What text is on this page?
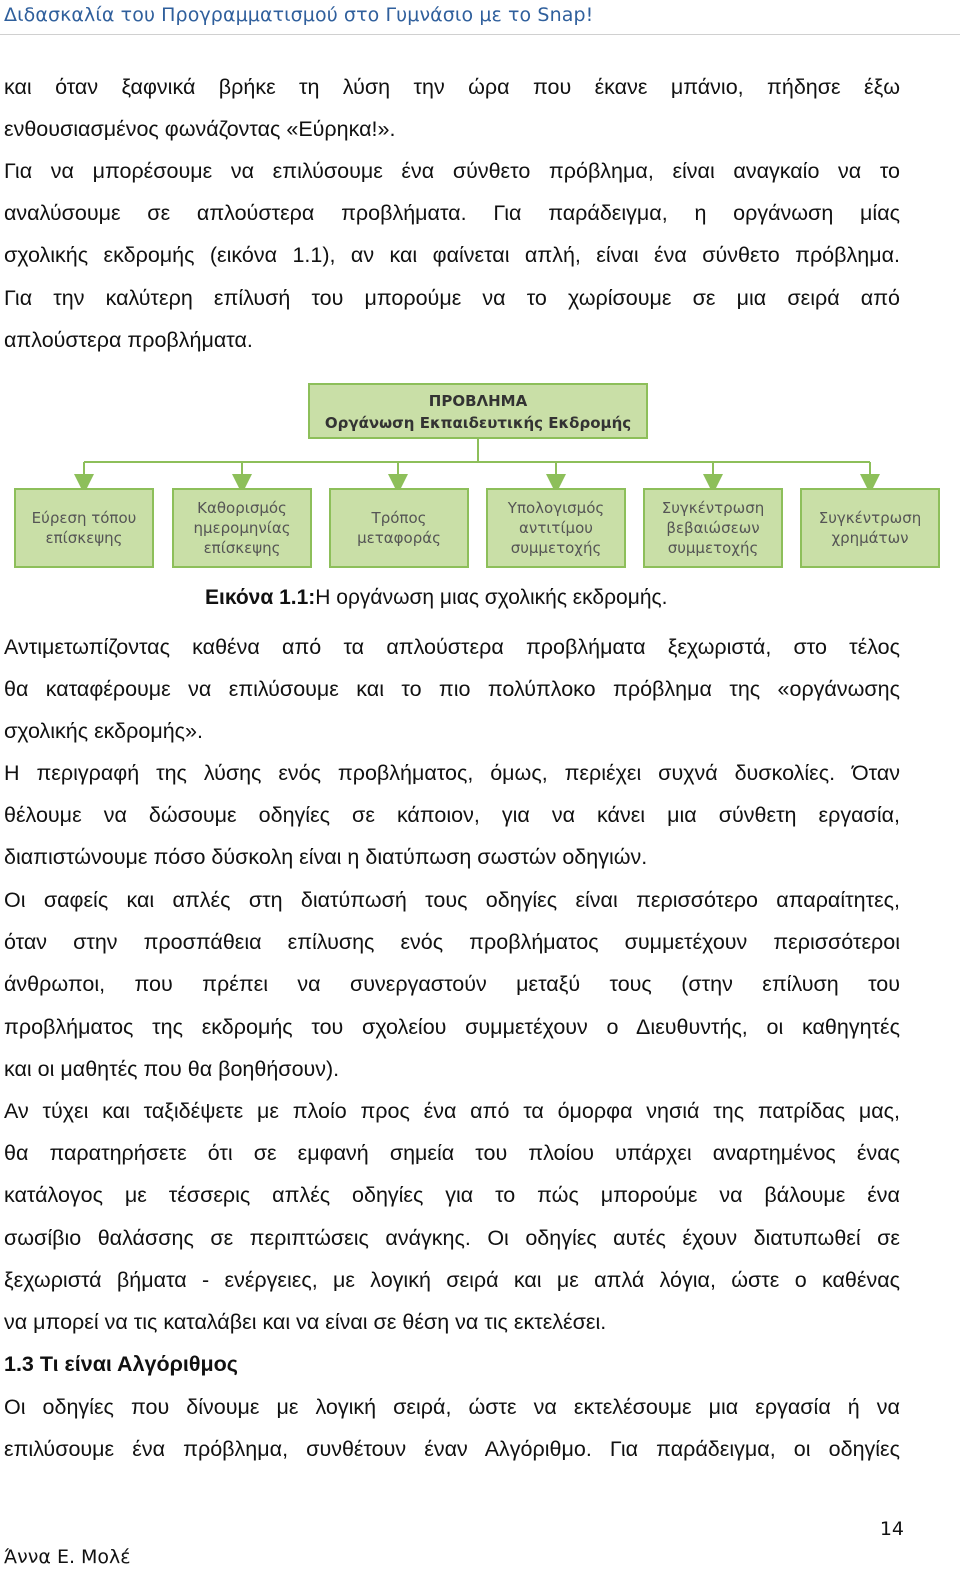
Διδασκαλία του Προγραμματισμού στο Γυμνάσιο με το Snap!
και όταν ξαφνικά βρήκε τη λύση την ώρα που έκανε μπάνιο, πήδησε έξω
ενθουσιασμένος φωνάζοντας «Εύρηκα!».
Για να μπορέσουμε να επιλύσουμε ένα σύνθετο πρόβλημα, είναι αναγκαίο να το
αναλύσουμε σε απλούστερα προβλήματα. Για παράδειγμα, η οργάνωση μίας
σχολικής εκδρομής (εικόνα 1.1), αν και φαίνεται απλή, είναι ένα σύνθετο πρόβλημα.
Για την καλύτερη επίλυσή του μπορούμε να το χωρίσουμε σε μια σειρά από
απλούστερα προβλήματα.
ΠΡΟΒΛΗΜΑ
Οργάνωση Εκπαιδευτικής Εκδρομής
Εύρεση τόπου
επίσκεψης
Καθορισμός
ημερομηνίας
επίσκεψης
Τρόπος
μεταφοράς
Υπολογισμός
αντιτίμου
συμμετοχής
Συγκέντρωση
βεβαιώσεων
συμμετοχής
Συγκέντρωση
χρημάτων
Εικόνα 1.1:Η οργάνωση μιας σχολικής εκδρομής.
Αντιμετωπίζοντας καθένα από τα απλούστερα προβλήματα ξεχωριστά, στο τέλος
θα καταφέρουμε να επιλύσουμε και το πιο πολύπλοκο πρόβλημα της «οργάνωσης
σχολικής εκδρομής».
Η περιγραφή της λύσης ενός προβλήματος, όμως, περιέχει συχνά δυσκολίες. Όταν
θέλουμε να δώσουμε οδηγίες σε κάποιον, για να κάνει μια σύνθετη εργασία,
διαπιστώνουμε πόσο δύσκολη είναι η διατύπωση σωστών οδηγιών.
Οι σαφείς και απλές στη διατύπωσή τους οδηγίες είναι περισσότερο απαραίτητες,
όταν στην προσπάθεια επίλυσης ενός προβλήματος συμμετέχουν περισσότεροι
άνθρωποι, που πρέπει να συνεργαστούν μεταξύ τους (στην επίλυση του
προβλήματος της εκδρομής του σχολείου συμμετέχουν ο Διευθυντής, οι καθηγητές
και οι μαθητές που θα βοηθήσουν).
Αν τύχει και ταξιδέψετε με πλοίο προς ένα από τα όμορφα νησιά της πατρίδας μας,
θα παρατηρήσετε ότι σε εμφανή σημεία του πλοίου υπάρχει αναρτημένος ένας
κατάλογος με τέσσερις απλές οδηγίες για το πώς μπορούμε να βάλουμε ένα
σωσίβιο θαλάσσης σε περιπτώσεις ανάγκης. Οι οδηγίες αυτές έχουν διατυπωθεί σε
ξεχωριστά βήματα - ενέργειες, με λογική σειρά και με απλά λόγια, ώστε ο καθένας
να μπορεί να τις καταλάβει και να είναι σε θέση να τις εκτελέσει.
1.3 Τι είναι Αλγόριθμος
Οι οδηγίες που δίνουμε με λογική σειρά, ώστε να εκτελέσουμε μια εργασία ή να
επιλύσουμε ένα πρόβλημα, συνθέτουν έναν Αλγόριθμο. Για παράδειγμα, οι οδηγίες
14
Άννα Ε. Μολέ
